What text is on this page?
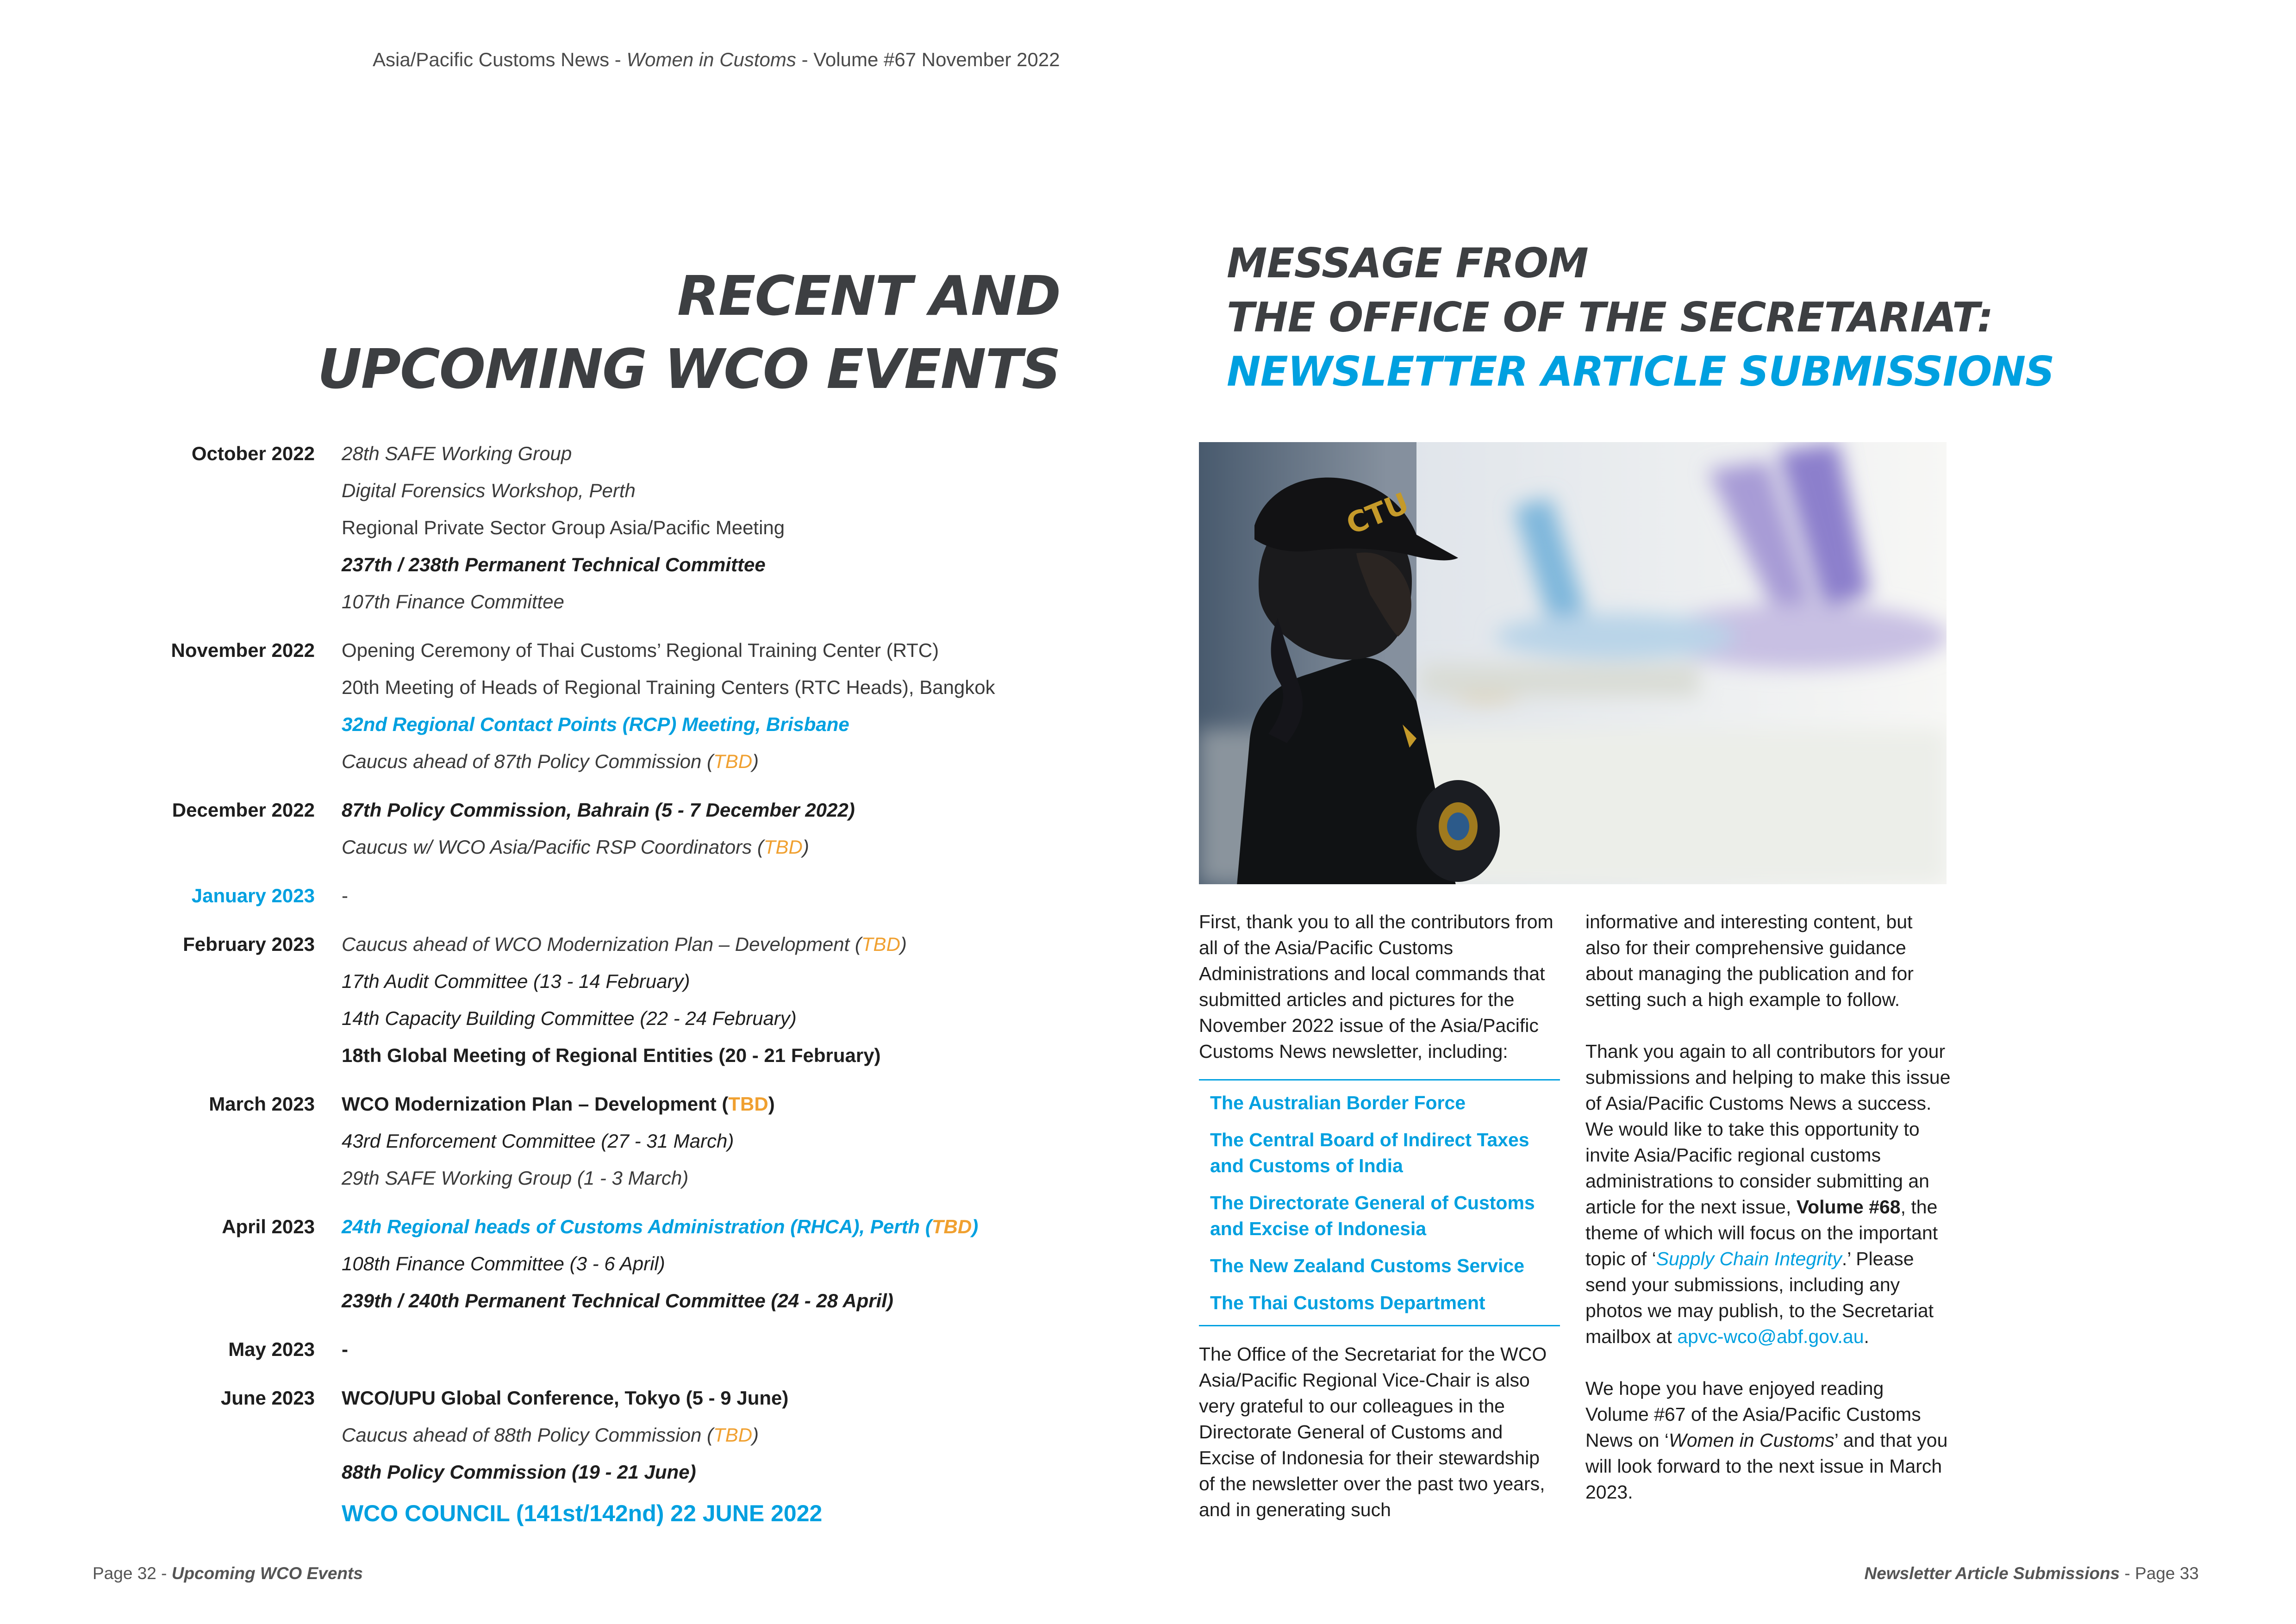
Asia/Pacific Customs News - Women in Customs - Volume #67 November 2022
RECENT AND
UPCOMING WCO EVENTS
MESSAGE FROM
THE OFFICE OF THE SECRETARIAT:
NEWSLETTER ARTICLE SUBMISSIONS
October 2022 28th SAFE Working Group
Digital Forensics Workshop, Perth
Regional Private Sector Group Asia/Pacific Meeting
237th / 238th Permanent Technical Committee
107th Finance Committee
November 2022 Opening Ceremony of Thai Customs’ Regional Training Center (RTC)
20th Meeting of Heads of Regional Training Centers (RTC Heads), Bangkok
32nd Regional Contact Points (RCP) Meeting, Brisbane
Caucus ahead of 87th Policy Commission (TBD)
December 2022 87th Policy Commission, Bahrain (5 - 7 December 2022)
Caucus w/ WCO Asia/Pacific RSP Coordinators (TBD)
January 2023 -
February 2023 Caucus ahead of WCO Modernization Plan – Development (TBD)
17th Audit Committee (13 - 14 February)
14th Capacity Building Committee (22 - 24 February)
18th Global Meeting of Regional Entities (20 - 21 February)
March 2023 WCO Modernization Plan – Development (TBD)
43rd Enforcement Committee (27 - 31 March)
29th SAFE Working Group (1 - 3 March)
April 2023 24th Regional heads of Customs Administration (RHCA), Perth (TBD)
108th Finance Committee (3 - 6 April)
239th / 240th Permanent Technical Committee (24 - 28 April)
May 2023 -
June 2023 WCO/UPU Global Conference, Tokyo (5 - 9 June)
Caucus ahead of 88th Policy Commission (TBD)
88th Policy Commission (19 - 21 June)
WCO COUNCIL (141st/142nd) 22 JUNE 2022
CTU
First, thank you to all the contributors from all of the Asia/Pacific Customs Administrations and local commands that submitted articles and pictures for the November 2022 issue of the Asia/Pacific Customs News newsletter, including:
The Australian Border Force
The Central Board of Indirect Taxes and Customs of India
The Directorate General of Customs and Excise of Indonesia
The New Zealand Customs Service
The Thai Customs Department
The Office of the Secretariat for the WCO Asia/Pacific Regional Vice-Chair is also very grateful to our colleagues in the Directorate General of Customs and Excise of Indonesia for their stewardship of the newsletter over the past two years, and in generating such

informative and interesting content, but also for their comprehensive guidance about managing the publication and for setting such a high example to follow.

Thank you again to all contributors for your submissions and helping to make this issue of Asia/Pacific Customs News a success. We would like to take this opportunity to invite Asia/Pacific regional customs administrations to consider submitting an article for the next issue, Volume #68, the theme of which will focus on the important topic of ‘Supply Chain Integrity.’ Please send your submissions, including any photos we may publish, to the Secretariat mailbox at apvc-wco@abf.gov.au.

We hope you have enjoyed reading Volume #67 of the Asia/Pacific Customs News on ‘Women in Customs’ and that you will look forward to the next issue in March 2023.

Page 32 - Upcoming WCO Events	Newsletter Article Submissions - Page 33
